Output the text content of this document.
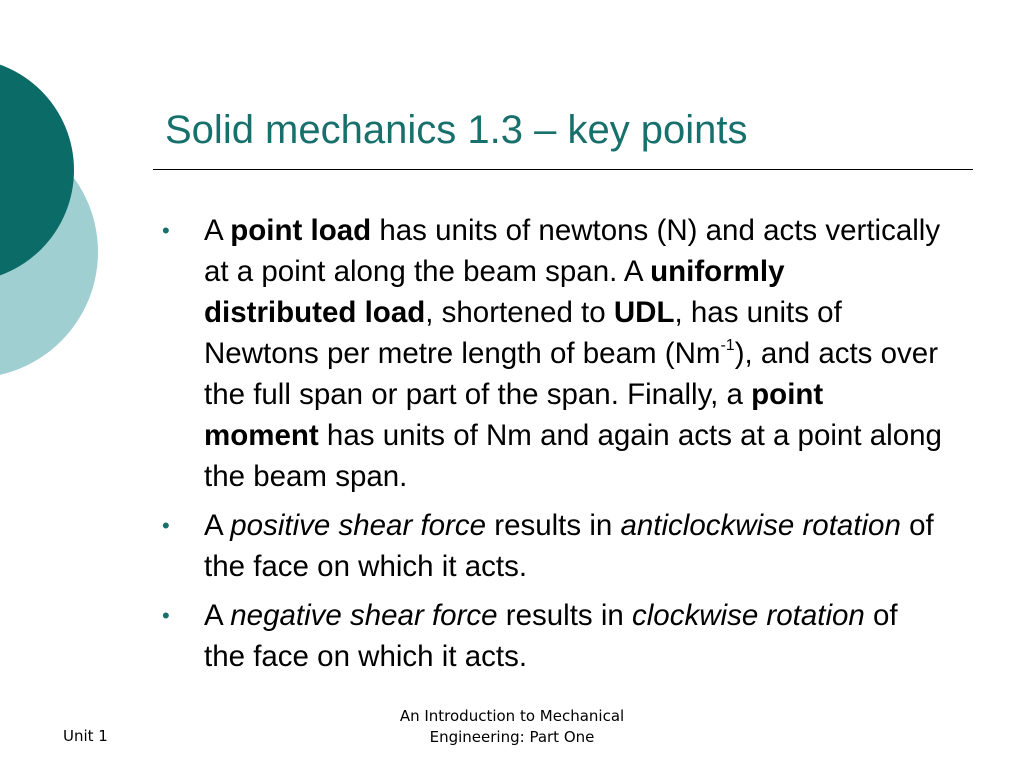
Solid mechanics 1.3 – key points
• A point load has units of newtons (N) and acts vertically at a point along the beam span. A uniformly distributed load, shortened to UDL, has units of Newtons per metre length of beam $(Nm^{-1})$, and acts over the full span or part of the span. Finally, a point moment has units of Nm and again acts at a point along the beam span.
• A positive shear force results in anticlockwise rotation of the face on which it acts.
• A negative shear force results in clockwise rotation of the face on which it acts.
Unit 1
An Introduction to Mechanical
Engineering: Part One
